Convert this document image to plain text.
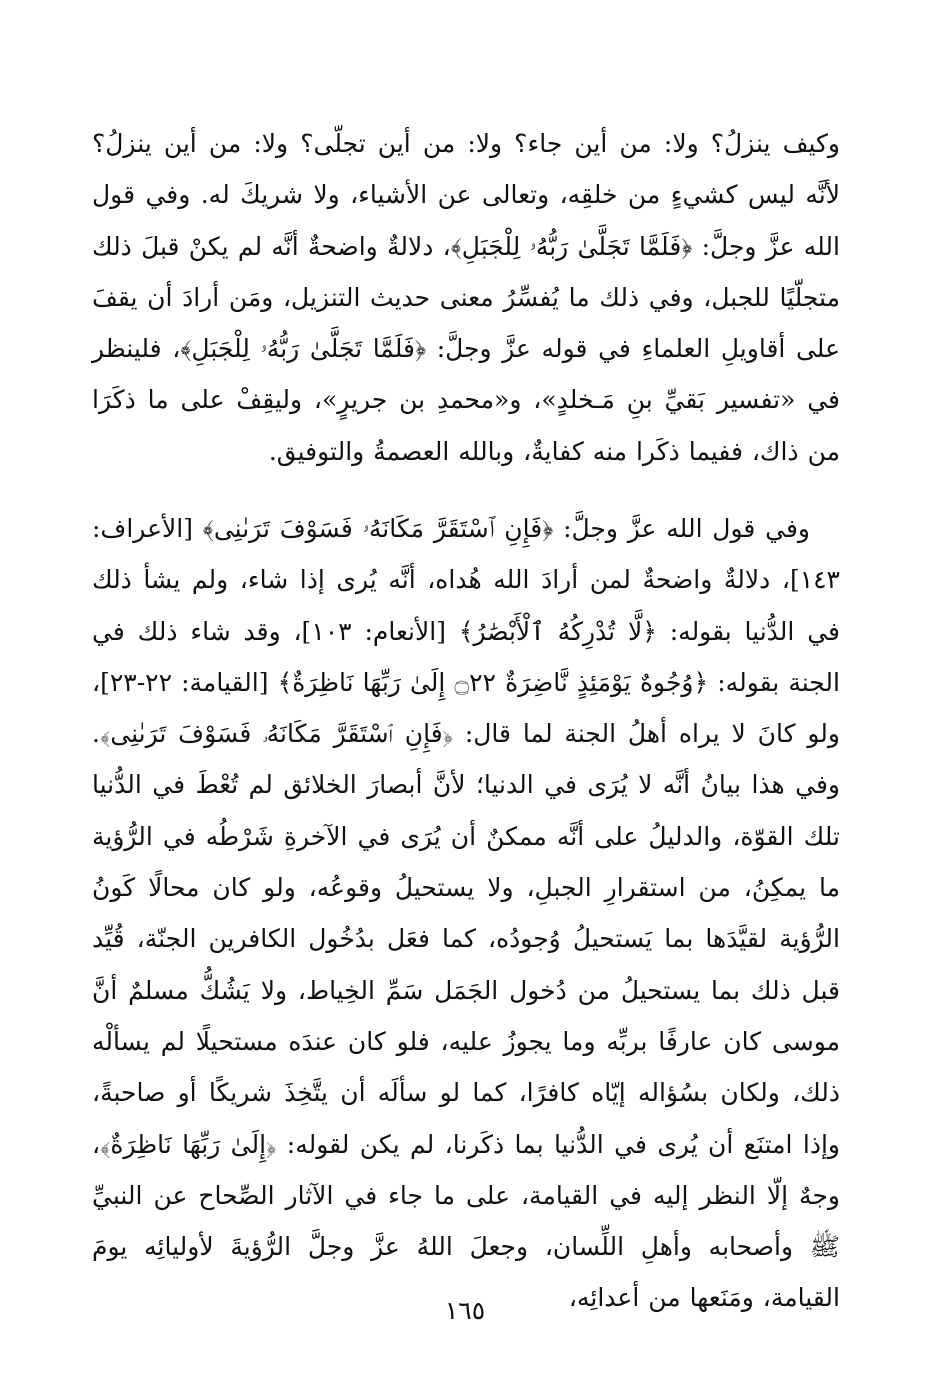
وكيف ينزلُ؟ ولا: من أين جاء؟ ولا: من أين تجلّى؟ ولا: من أين ينزلُ؟ لأنَّه ليس كشيءٍ من خلقِه، وتعالى عن الأشياء، ولا شريكَ له. وفي قول الله عزَّ وجلَّ: ﴿فَلَمَّا تَجَلَّىٰ رَبُّهُۥ لِلْجَبَلِ﴾، دلالةٌ واضحةٌ أنَّه لم يكنْ قبلَ ذلك متجلّيًا للجبل، وفي ذلك ما يُفسِّرُ معنى حديث التنزيل، ومَن أرادَ أن يقفَ على أقاويلِ العلماءِ في قوله عزَّ وجلَّ: ﴿فَلَمَّا تَجَلَّىٰ رَبُّهُۥ لِلْجَبَلِ﴾، فلينظر في «تفسير بَقيِّ بنِ مَـخلدٍ»، و«محمدِ بن جريرٍ»، وليقِفْ على ما ذكَرَا من ذاك، ففيما ذكَرا منه كفايةٌ، وبالله العصمةُ والتوفيق.

وفي قول الله عزَّ وجلَّ: ﴿فَإِنِ ٱسْتَقَرَّ مَكَانَهُۥ فَسَوْفَ تَرَىٰنِى﴾ [الأعراف: ١٤٣]، دلالةٌ واضحةٌ لمن أرادَ الله هُداه، أنَّه يُرى إذا شاء، ولم يشأ ذلك في الدُّنيا بقوله: ﴿لَّا تُدْرِكُهُ ٱلْأَبْصَٰرُ﴾ [الأنعام: ١٠٣]، وقد شاء ذلك في الجنة بقوله: ﴿وُجُوهٌ يَوْمَئِذٍ نَّاضِرَةٌ ۝٢٢ إِلَىٰ رَبِّهَا نَاظِرَةٌ﴾ [القيامة: ٢٢-٢٣]، ولو كانَ لا يراه أهلُ الجنة لما قال: ﴿فَإِنِ ٱسْتَقَرَّ مَكَانَهُۥ فَسَوْفَ تَرَىٰنِى﴾. وفي هذا بيانُ أنَّه لا يُرَى في الدنيا؛ لأنَّ أبصارَ الخلائق لم تُعْطَ في الدُّنيا تلك القوّة، والدليلُ على أنَّه ممكنٌ أن يُرَى في الآخرةِ شَرْطُه في الرُّؤية ما يمكِنُ، من استقرارِ الجبلِ، ولا يستحيلُ وقوعُه، ولو كان محالًا كَونُ الرُّؤية لقيَّدَها بما يَستحيلُ وُجودُه، كما فعَل بدُخُول الكافرين الجنّة، قُيِّد قبل ذلك بما يستحيلُ من دُخول الجَمَل سَمِّ الخِياط، ولا يَشُكُّ مسلمٌ أنَّ موسى كان عارفًا بربِّه وما يجوزُ عليه، فلو كان عندَه مستحيلًا لم يسألْه ذلك، ولكان بسُؤاله إيّاه كافرًا، كما لو سألَه أن يتَّخِذَ شريكًا أو صاحبةً، وإذا امتنَع أن يُرى في الدُّنيا بما ذكَرنا، لم يكن لقوله: ﴿إِلَىٰ رَبِّهَا نَاظِرَةٌ﴾، وجهٌ إلّا النظر إليه في القيامة، على ما جاء في الآثار الصِّحاح عن النبيِّ ﷺ وأصحابه وأهلِ اللِّسان، وجعلَ اللهُ عزَّ وجلَّ الرُّؤيةَ لأوليائِه يومَ القيامة، ومَنَعها من أعدائِه،

١٦٥
